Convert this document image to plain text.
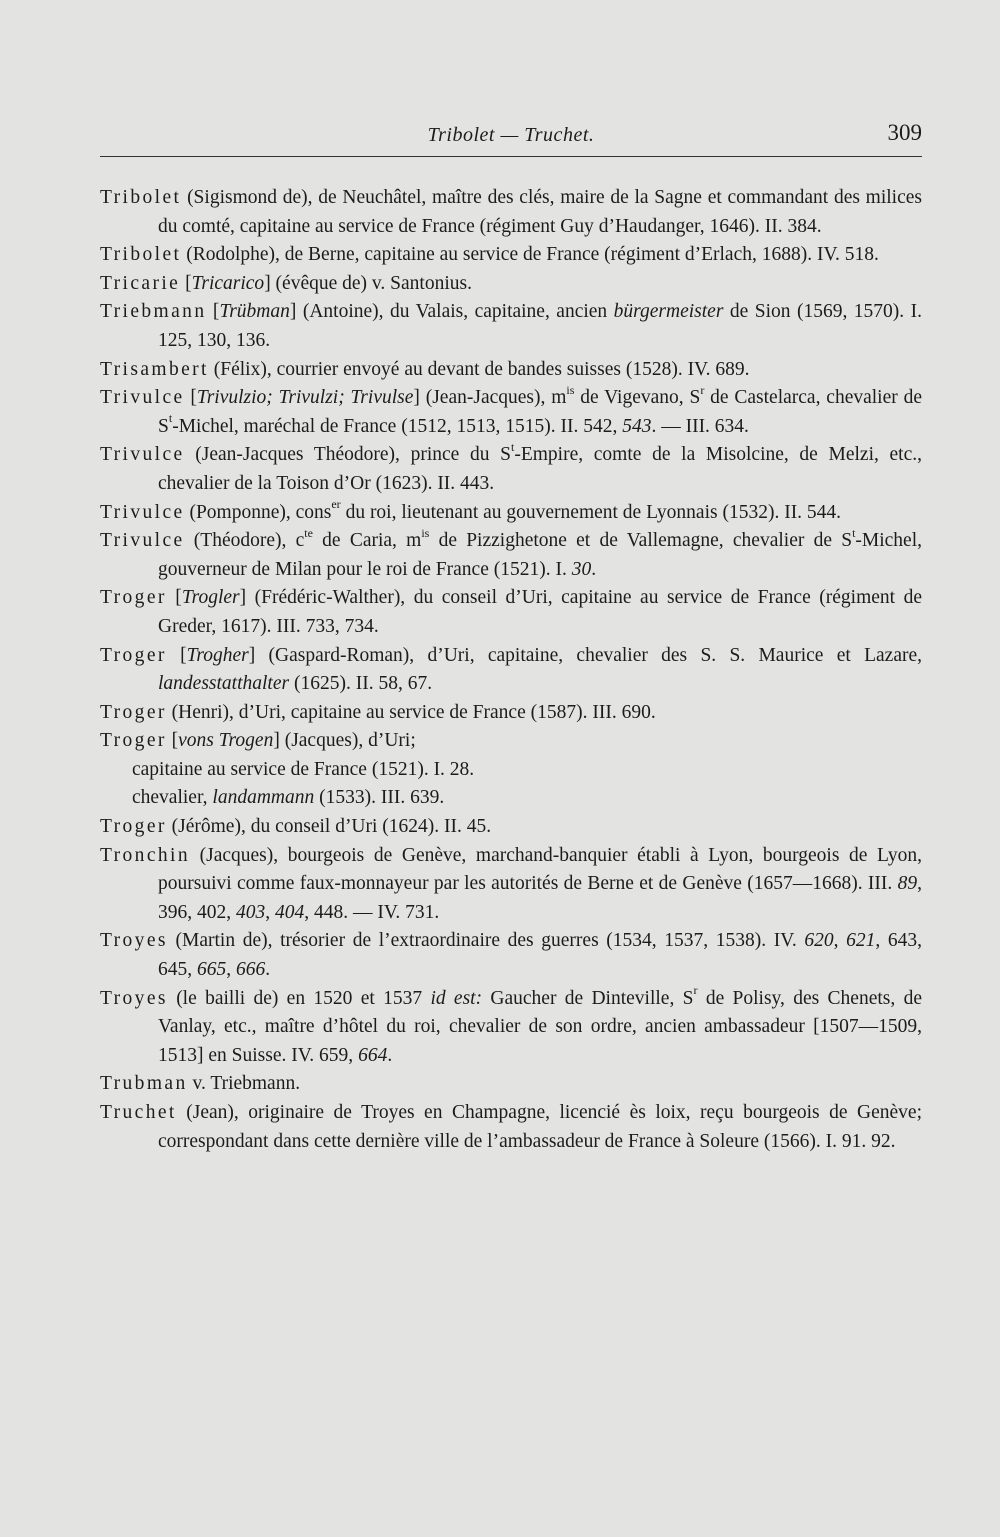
Tribolet — Truchet.	309
Tribolet (Sigismond de), de Neuchâtel, maître des clés, maire de la Sagne et commandant des milices du comté, capitaine au service de France (régiment Guy d’Haudanger, 1646). II. 384.
Tribolet (Rodolphe), de Berne, capitaine au service de France (régiment d’Erlach, 1688). IV. 518.
Tricarie [Tricarico] (évêque de) v. Santonius.
Triebmann [Trübman] (Antoine), du Valais, capitaine, ancien bürgermeister de Sion (1569, 1570). I. 125, 130, 136.
Trisambert (Félix), courrier envoyé au devant de bandes suisses (1528). IV. 689.
Trivulce [Trivulzio; Trivulzi; Trivulse] (Jean-Jacques), $m^{is}$ de Vigevano, $S^r$ de Castelarca, chevalier de $S^t$-Michel, maréchal de France (1512, 1513, 1515). II. 542, 543. — III. 634.
Trivulce (Jean-Jacques Théodore), prince du $S^t$-Empire, comte de la Misolcine, de Melzi, etc., chevalier de la Toison d’Or (1623). II. 443.
Trivulce (Pomponne), cons$^{er}$ du roi, lieutenant au gouvernement de Lyonnais (1532). II. 544.
Trivulce (Théodore), $c^{te}$ de Caria, $m^{is}$ de Pizzighetone et de Vallemagne, chevalier de $S^t$-Michel, gouverneur de Milan pour le roi de France (1521). I. 30.
Troger [Trogler] (Frédéric-Walther), du conseil d’Uri, capitaine au service de France (régiment de Greder, 1617). III. 733, 734.
Troger [Trogher] (Gaspard-Roman), d’Uri, capitaine, chevalier des S. S. Maurice et Lazare, landesstatthalter (1625). II. 58, 67.
Troger (Henri), d’Uri, capitaine au service de France (1587). III. 690.
Troger [vons Trogen] (Jacques), d’Uri;
capitaine au service de France (1521). I. 28.
chevalier, landammann (1533). III. 639.
Troger (Jérôme), du conseil d’Uri (1624). II. 45.
Tronchin (Jacques), bourgeois de Genève, marchand-banquier établi à Lyon, bourgeois de Lyon, poursuivi comme faux-monnayeur par les autorités de Berne et de Genève (1657—1668). III. 89, 396, 402, 403, 404, 448. — IV. 731.
Troyes (Martin de), trésorier de l’extraordinaire des guerres (1534, 1537, 1538). IV. 620, 621, 643, 645, 665, 666.
Troyes (le bailli de) en 1520 et 1537 id est: Gaucher de Dinteville, $S^r$ de Polisy, des Chenets, de Vanlay, etc., maître d’hôtel du roi, chevalier de son ordre, ancien ambassadeur [1507—1509, 1513] en Suisse. IV. 659, 664.
Trubman v. Triebmann.
Truchet (Jean), originaire de Troyes en Champagne, licencié ès loix, reçu bourgeois de Genève; correspondant dans cette dernière ville de l’ambassadeur de France à Soleure (1566). I. 91. 92.
